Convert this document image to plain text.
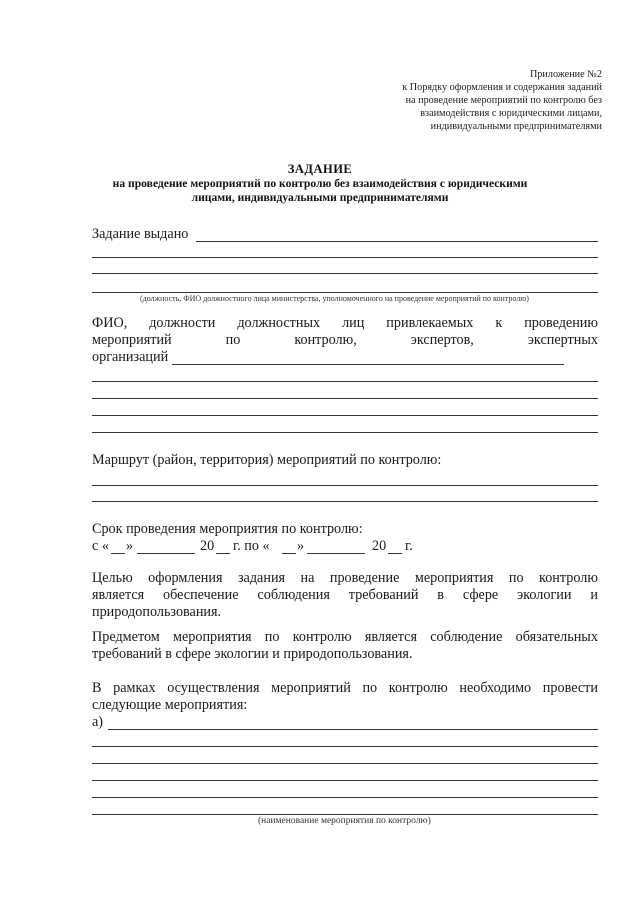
Приложение №2
к Порядку оформления и содержания заданий
на проведение мероприятий по контролю без
взаимодействия с юридическими лицами,
индивидуальными предпринимателями
ЗАДАНИЕ
на проведение мероприятий по контролю без взаимодействия с юридическими
лицами, индивидуальными предпринимателями
Задание выдано
(должность, ФИО должностного лица министерства, уполномоченного на проведение мероприятий по контролю)
ФИО, должности должностных лиц привлекаемых к проведению
мероприятий	по	контролю,	экспертов,	экспертных
организаций
Маршрут (район, территория) мероприятий по контролю:
Срок проведения мероприятия по контролю:
с « »	20 г. по « »	20 г.
Целью оформления задания на проведение мероприятия по контролю
является обеспечение соблюдения требований в сфере экологии и
природопользования.
Предметом мероприятия по контролю является соблюдение обязательных
требований в сфере экологии и природопользования.
В рамках осуществления мероприятий по контролю необходимо провести
следующие мероприятия:
а)
(наименование мероприятия по контролю)
